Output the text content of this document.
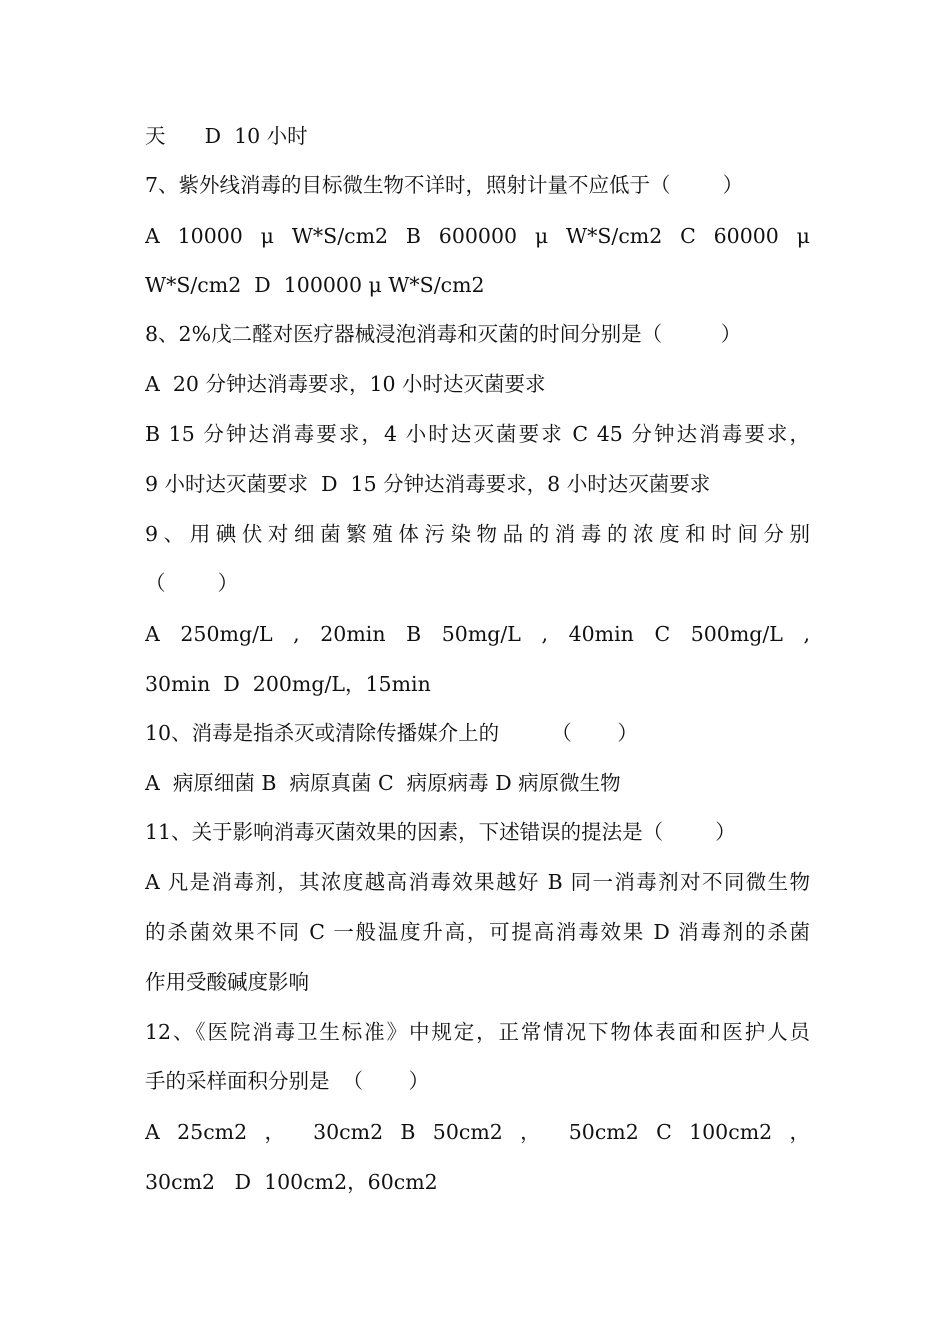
天      D  10 小时
7、紫外线消毒的目标微生物不详时，照射计量不应低于（        ）
A 10000 μ W*S/cm2 B 600000 μ W*S/cm2 C 60000 μ
W*S/cm2  D  100000 μ W*S/cm2
8、2%戊二醛对医疗器械浸泡消毒和灭菌的时间分别是（         ）
A  20 分钟达消毒要求，10 小时达灭菌要求
B 15 分钟达消毒要求，4 小时达灭菌要求 C 45 分钟达消毒要求，
9 小时达灭菌要求  D  15 分钟达消毒要求，8 小时达灭菌要求
9、用碘伏对细菌繁殖体污染物品的消毒的浓度和时间分别
（        ）
A 250mg/L , 20min B 50mg/L , 40min C 500mg/L ,
30min  D  200mg/L，15min
10、消毒是指杀灭或清除传播媒介上的        （       ）
A  病原细菌 B  病原真菌 C  病原病毒 D 病原微生物
11、关于影响消毒灭菌效果的因素，下述错误的提法是（        ）
A 凡是消毒剂，其浓度越高消毒效果越好 B 同一消毒剂对不同微生物
的杀菌效果不同 C 一般温度升高，可提高消毒效果 D 消毒剂的杀菌
作用受酸碱度影响
12、《医院消毒卫生标准》中规定，正常情况下物体表面和医护人员
手的采样面积分别是  （       ）
A 25cm2 ， 30cm2 B 50cm2 ， 50cm2 C 100cm2 ，
30cm2   D  100cm2，60cm2
